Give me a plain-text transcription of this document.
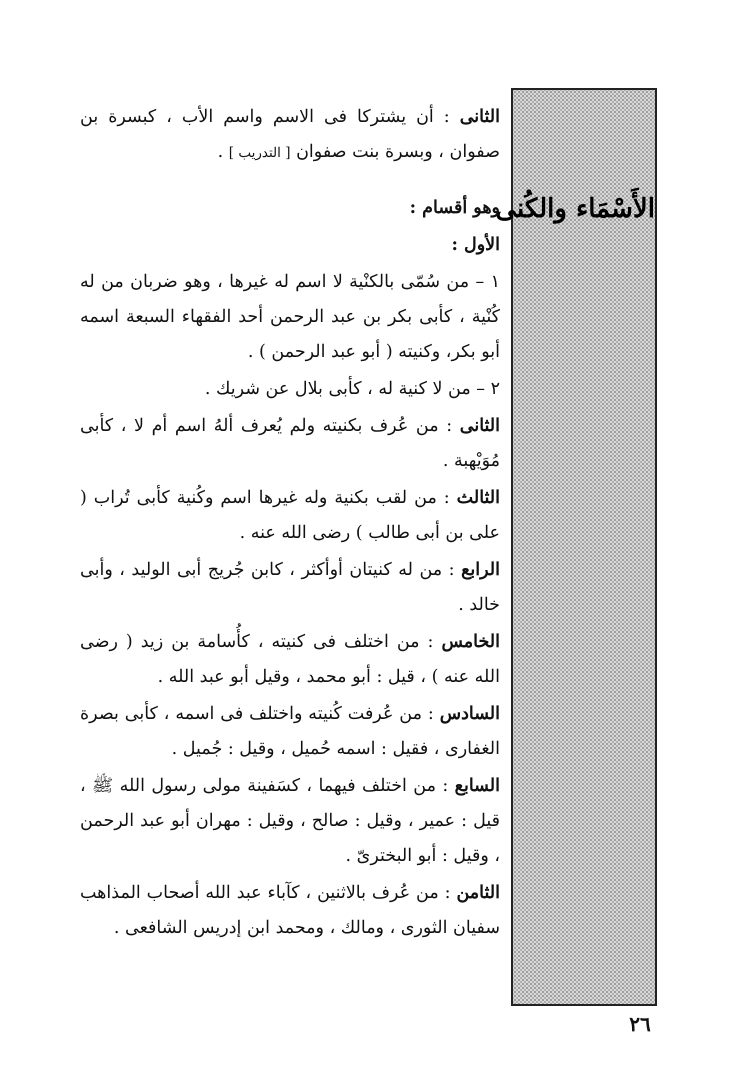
الأَسْمَاء والكُنى

الثانى : أن يشتركا فى الاسم واسم الأب ، كبسرة بن صفوان ، وبسرة بنت صفوان [ التدريب ] .

وهو أقسام :

الأول :

١ – من سُمّى بالكنْية لا اسم له غيرها ، وهو ضربان من له كُنْية ، كأبى بكر بن عبد الرحمن أحد الفقهاء السبعة اسمه أبو بكر، وكنيته ( أبو عبد الرحمن ) .

٢ – من لا كنية له ، كأبى بلال عن شريك .

الثانى : من عُرف بكنيته ولم يُعرف ألهُ اسم أم لا ، كأبى مُوَيْهبة .

الثالث : من لقب بكنية وله غيرها اسم وكُنية كأبى تُراب ( على بن أبى طالب ) رضى الله عنه .

الرابع : من له كنيتان أوأكثر ، كابن جُريج أبى الوليد ، وأبى خالد .

الخامس : من اختلف فى كنيته ، كأُسامة بن زيد ( رضى الله عنه ) ، قيل : أبو محمد ، وقيل أبو عبد الله .

السادس : من عُرفت كُنيته واختلف فى اسمه ، كأبى بصرة الغفارى ، فقيل : اسمه حُميل ، وقيل : جُميل .

السابع : من اختلف فيهما ، كسَفينة مولى رسول الله ﷺ ، قيل : عمير ، وقيل : صالح ، وقيل : مهران أبو عبد الرحمن ، وقيل : أبو البخترىّ .

الثامن : من عُرف بالاثنين ، كآباء عبد الله أصحاب المذاهب سفيان الثورى ، ومالك ، ومحمد ابن إدريس الشافعى .

٢٦
